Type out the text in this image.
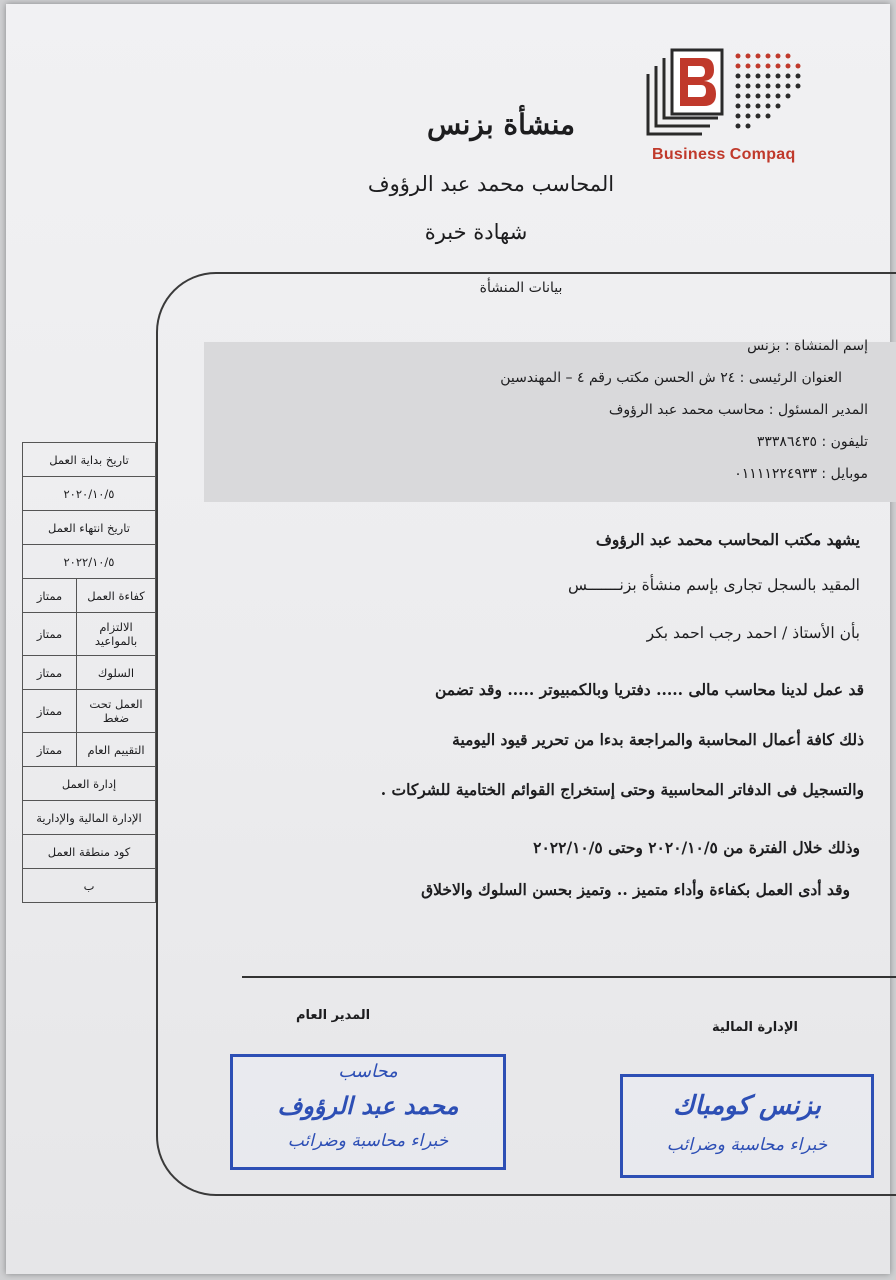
Business Compaq
منشأة بزنس
المحاسب محمد عبد الرؤوف
شهادة خبرة
بيانات المنشأة
إسم المنشاة : بزنس
العنوان الرئيسى : ٢٤ ش الحسن مكتب رقم ٤ – المهندسين
المدير المسئول : محاسب محمد عبد الرؤوف
تليفون : ٣٣٣٨٦٤٣٥
موبايل : ٠١١١١٢٢٤٩٣٣
يشهد مكتب المحاسب محمد عبد الرؤوف
المقيد بالسجل تجارى بإسم منشأة بزنـــــــس
بأن الأستاذ / احمد رجب احمد بكر
قد عمل لدينا محاسب مالى ..... دفتريا وبالكمبيوتر ..... وقد تضمن
ذلك كافة أعمال المحاسبة والمراجعة بدءا من تحرير قيود اليومية
والتسجيل فى الدفاتر المحاسبية وحتى إستخراج القوائم الختامية للشركات .
وذلك خلال الفترة من ٢٠٢٠/١٠/٥ وحتى ٢٠٢٢/١٠/٥
وقد أدى العمل بكفاءة وأداء متميز .. وتميز بحسن السلوك والاخلاق
المدير العام
الإدارة المالية
محاسب
محمد عبد الرؤوف
خبراء محاسبة وضرائب
بزنس كومباك
خبراء محاسبة وضرائب
تاريخ بداية العمل	
٢٠٢٠/١٠/٥	
تاريخ انتهاء العمل	
٢٠٢٢/١٠/٥	
كفاءة العمل	ممتاز
الالتزام بالمواعيد	ممتاز
السلوك	ممتاز
العمل تحت ضغط	ممتاز
التقييم العام	ممتاز
إدارة العمل	
الإدارة المالية والإدارية	
كود منطقة العمل	
ب	
